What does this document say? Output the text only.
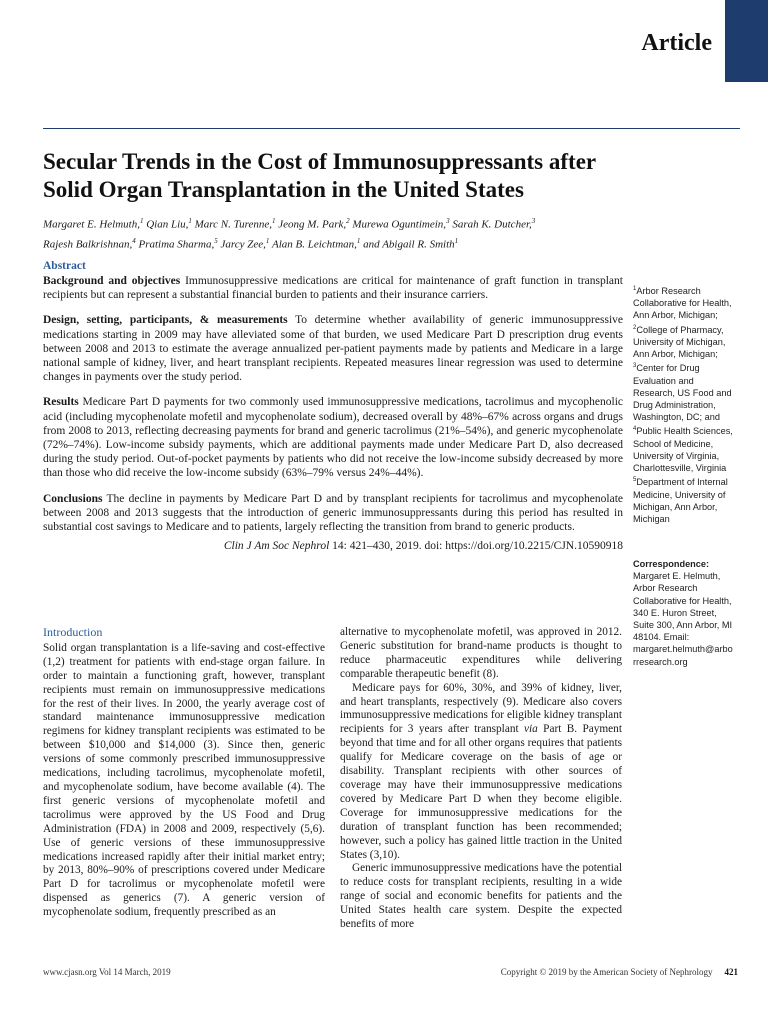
Article
Secular Trends in the Cost of Immunosuppressants after
Solid Organ Transplantation in the United States

Margaret E. Helmuth,$^1$ Qian Liu,$^1$ Marc N. Turenne,$^1$ Jeong M. Park,$^2$ Murewa Oguntimein,$^3$ Sarah K. Dutcher,$^3$
Rajesh Balkrishnan,$^4$ Pratima Sharma,$^5$ Jarcy Zee,$^1$ Alan B. Leichtman,$^1$ and Abigail R. Smith$^1$

Abstract

Background and objectives Immunosuppressive medications are critical for maintenance of graft function in transplant recipients but can represent a substantial financial burden to patients and their insurance carriers.

Design, setting, participants, & measurements To determine whether availability of generic immunosuppressive medications starting in 2009 may have alleviated some of that burden, we used Medicare Part D prescription drug events between 2008 and 2013 to estimate the average annualized per-patient payments made by patients and Medicare in a large national sample of kidney, liver, and heart transplant recipients. Repeated measures linear regression was used to determine changes in payments over the study period.

Results Medicare Part D payments for two commonly used immunosuppressive medications, tacrolimus and mycophenolic acid (including mycophenolate mofetil and mycophenolate sodium), decreased overall by 48%–67% across organs and drugs from 2008 to 2013, reflecting decreasing payments for brand and generic tacrolimus (21%–54%), and generic mycophenolate (72%–74%). Low-income subsidy payments, which are additional payments made under Medicare Part D, also decreased during the study period. Out-of-pocket payments by patients who did not receive the low-income subsidy decreased by more than those who did receive the low-income subsidy (63%–79% versus 24%–44%).

Conclusions The decline in payments by Medicare Part D and by transplant recipients for tacrolimus and mycophenolate between 2008 and 2013 suggests that the introduction of generic immunosuppressants during this period has resulted in substantial cost savings to Medicare and to patients, largely reflecting the transition from brand to generic products.

Clin J Am Soc Nephrol 14: 421–430, 2019. doi: https://doi.org/10.2215/CJN.10590918

$^1$Arbor Research Collaborative for Health, Ann Arbor, Michigan; $^2$College of Pharmacy, University of Michigan, Ann Arbor, Michigan; $^3$Center for Drug Evaluation and Research, US Food and Drug Administration, Washington, DC; and $^4$Public Health Sciences, School of Medicine, University of Virginia, Charlottesville, Virginia $^5$Department of Internal Medicine, University of Michigan, Ann Arbor, Michigan
Correspondence:
Margaret E. Helmuth, Arbor Research Collaborative for Health, 340 E. Huron Street, Suite 300, Ann Arbor, MI 48104. Email: margaret.helmuth@arborresearch.org
Introduction

Solid organ transplantation is a life-saving and cost-effective (1,2) treatment for patients with end-stage organ failure. In order to maintain a functioning graft, however, transplant recipients must remain on immunosuppressive medications for the rest of their lives. In 2000, the yearly average cost of standard maintenance immunosuppressive medication regimens for kidney transplant recipients was estimated to be between $10,000 and $14,000 (3). Since then, generic versions of some commonly prescribed immunosuppressive medications, including tacrolimus, mycophenolate mofetil, and mycophenolate sodium, have become available (4). The first generic versions of mycophenolate mofetil and tacrolimus were approved by the US Food and Drug Administration (FDA) in 2008 and 2009, respectively (5,6). Use of generic versions of these immunosuppressive medications increased rapidly after their initial market entry; by 2013, 80%–90% of prescriptions covered under Medicare Part D for tacrolimus or mycophenolate mofetil were dispensed as generics (7). A generic version of mycophenolate sodium, frequently prescribed as an

alternative to mycophenolate mofetil, was approved in 2012. Generic substitution for brand-name products is thought to reduce pharmaceutic expenditures while delivering comparable therapeutic benefit (8).

Medicare pays for 60%, 30%, and 39% of kidney, liver, and heart transplants, respectively (9). Medicare also covers immunosuppressive medications for eligible kidney transplant recipients for 3 years after transplant via Part B. Payment beyond that time and for all other organs requires that patients qualify for Medicare coverage on the basis of age or disability. Transplant recipients with other sources of coverage may have their immunosuppressive medications covered by Medicare Part D when they become eligible. Coverage for immunosuppressive medications for the duration of transplant function has been recommended; however, such a policy has gained little traction in the United States (3,10).

Generic immunosuppressive medications have the potential to reduce costs for transplant recipients, resulting in a wide range of social and economic benefits for patients and the United States health care system. Despite the expected benefits of more

www.cjasn.org Vol 14 March, 2019	Copyright © 2019 by the American Society of Nephrology 421
